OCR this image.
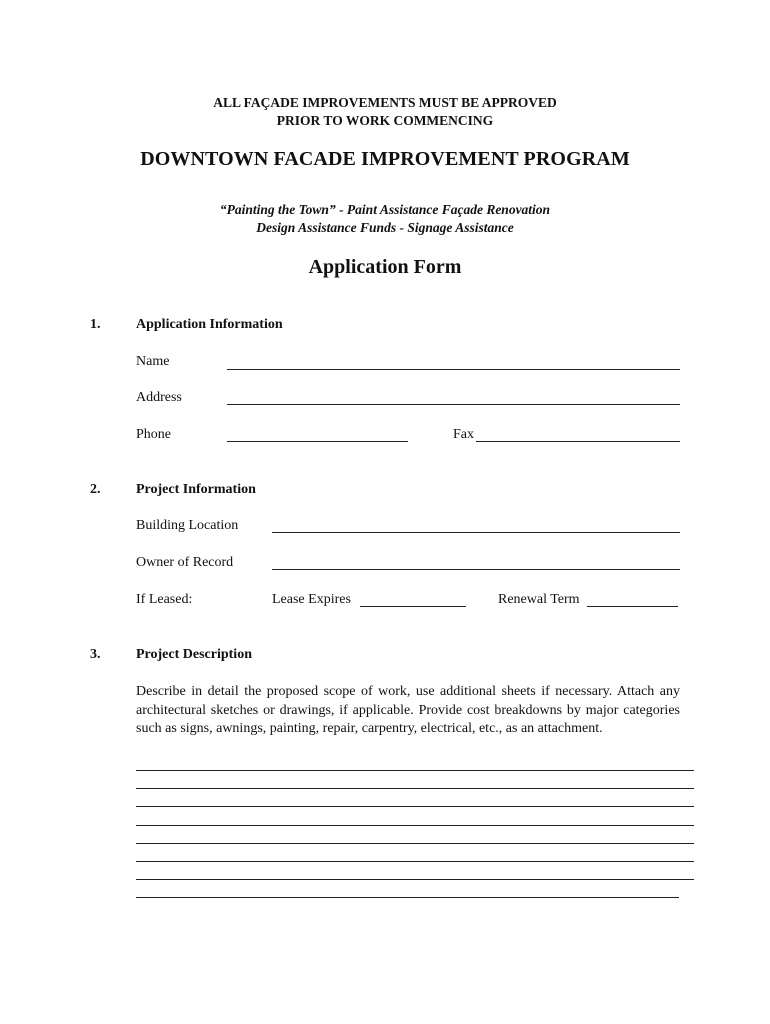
ALL FAÇADE IMPROVEMENTS MUST BE APPROVED
PRIOR TO WORK COMMENCING
DOWNTOWN FACADE IMPROVEMENT PROGRAM
“Painting the Town” - Paint Assistance Façade Renovation
Design Assistance Funds - Signage Assistance
Application Form
1.	Application Information
Name
Address
Phone	Fax
2.	Project Information
Building Location
Owner of Record
If Leased:	Lease Expires	Renewal Term
3.	Project Description
Describe in detail the proposed scope of work, use additional sheets if necessary. Attach any architectural sketches or drawings, if applicable. Provide cost breakdowns by major categories such as signs, awnings, painting, repair, carpentry, electrical, etc., as an attachment.
